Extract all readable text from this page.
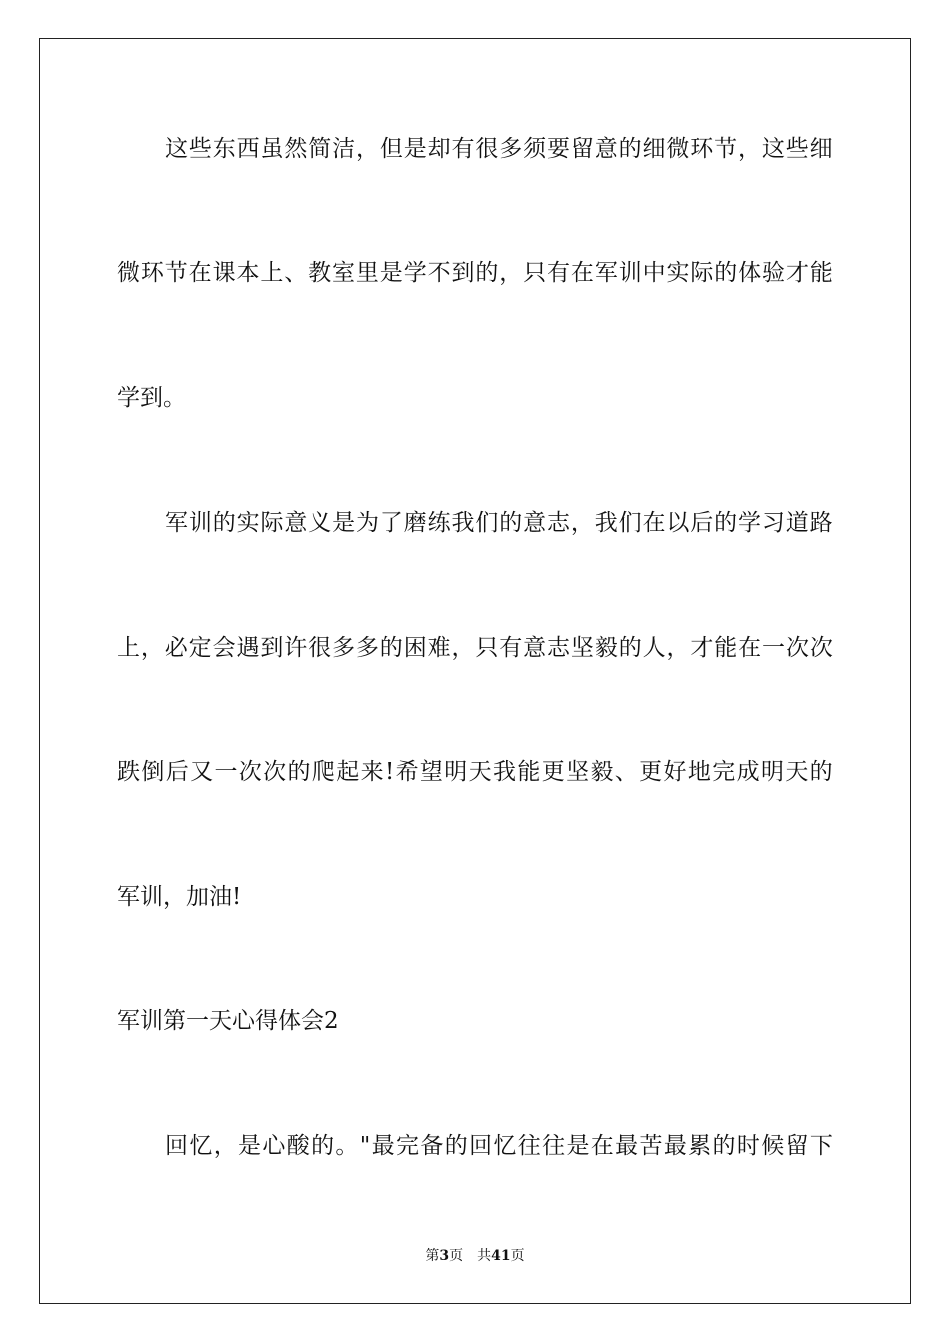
这 些 东 西 虽 然 简 洁 ， 但 是 却 有 很 多 须 要 留 意 的 细 微 环 节 ， 这 些 细
微 环 节 在 课 本 上 、 教 室 里 是 学 不 到 的 ， 只 有 在 军 训 中 实 际 的 体 验 才 能
学到。
军 训 的 实 际 意 义 是 为 了 磨 练 我 们 的 意 志 ， 我 们 在 以 后 的 学 习 道 路
上 ， 必 定 会 遇 到 许 很 多 多 的 困 难 ， 只 有 意 志 坚 毅 的 人 ， 才 能 在 一 次 次
跌 倒 后 又 一 次 次 的 爬 起 来 ! 希 望 明 天 我 能 更 坚 毅 、 更 好 地 完 成 明 天 的
军训，加油!
军训第一天心得体会2
回 忆 ， 是 心 酸 的 。 " 最 完 备 的 回 忆 往 往 是 在 最 苦 最 累 的 时 候 留 下
第3页 共41页
